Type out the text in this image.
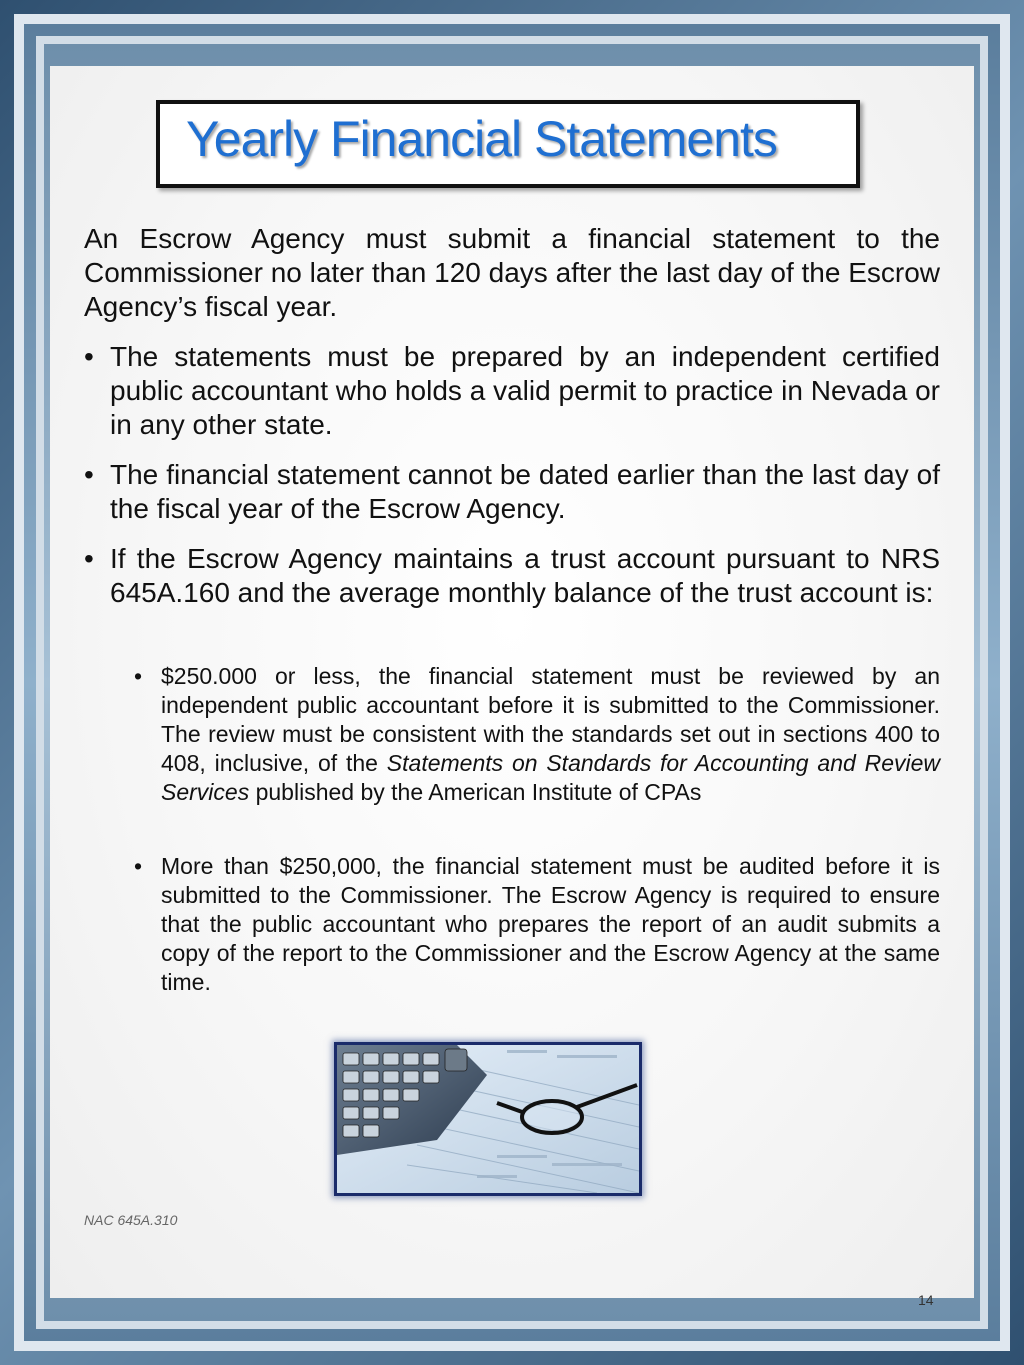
Yearly Financial Statements
An Escrow Agency must submit a financial statement to the Commissioner no later than 120 days after the last day of the Escrow Agency’s fiscal year.
• The statements must be prepared by an independent certified public accountant who holds a valid permit to practice in Nevada or in any other state.
• The financial statement cannot be dated earlier than the last day of the fiscal year of the Escrow Agency.
• If the Escrow Agency maintains a trust account pursuant to NRS 645A.160 and the average monthly balance of the trust account is:
• $250.000 or less, the financial statement must be reviewed by an independent public accountant before it is submitted to the Commissioner. The review must be consistent with the standards set out in sections 400 to 408, inclusive, of the Statements on Standards for Accounting and Review Services published by the American Institute of CPAs
• More than $250,000, the financial statement must be audited before it is submitted to the Commissioner. The Escrow Agency is required to ensure that the public accountant who prepares the report of an audit submits a copy of the report to the Commissioner and the Escrow Agency at the same time.
NAC 645A.310
14
